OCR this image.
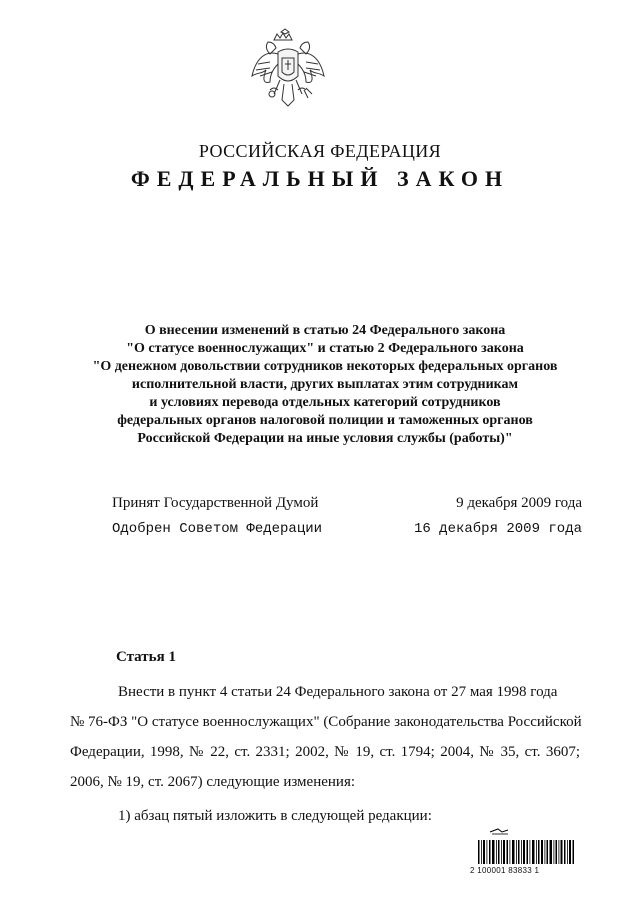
РОССИЙСКАЯ ФЕДЕРАЦИЯ
ФЕДЕРАЛЬНЫЙ ЗАКОН
О внесении изменений в статью 24 Федерального закона
"О статусе военнослужащих" и статью 2 Федерального закона
"О денежном довольствии сотрудников некоторых федеральных органов
исполнительной власти, других выплатах этим сотрудникам
и условиях перевода отдельных категорий сотрудников
федеральных органов налоговой полиции и таможенных органов
Российской Федерации на иные условия службы (работы)"
Принят Государственной Думой	9 декабря 2009 года
Одобрен Советом Федерации	16 декабря 2009 года
Статья 1
Внести в пункт 4 статьи 24 Федерального закона от 27 мая 1998 года
№ 76-ФЗ "О статусе военнослужащих" (Собрание законодательства Российской
Федерации, 1998, № 22, ст. 2331; 2002, № 19, ст. 1794; 2004, № 35, ст. 3607;
2006, № 19, ст. 2067) следующие изменения:
1) абзац пятый изложить в следующей редакции:
2 100001 83833 1
